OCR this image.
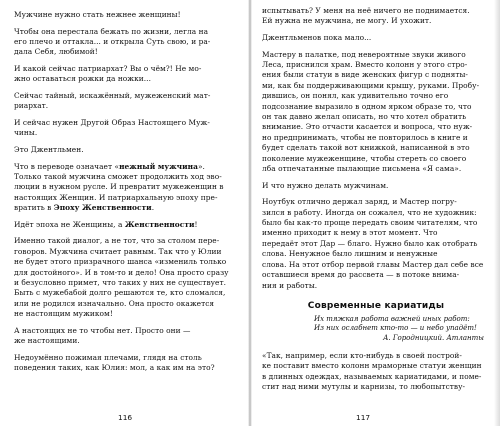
Мужчине нужно стать нежнее женщины!

Чтобы она перестала бежать по жизни, легла на
его плечо и оттакла... и открыла Суть свою, и ра-
дала Себя, любимой!

И какой сейчас патриархат? Вы о чём?! Не мо-
жно оставаться рожки да ножки...

Сейчас тайный, искажённый, мужеженский мат-
риархат.

И сейчас нужен Другой Образ Настоящего Муж-
чины.

Это Джентльмен.

Что в переводе означает «нежный мужчина».
Только такой мужчина сможет продолжить ход эво-
люции в нужном русле. И превратит мужеженщин в
настоящих Женщин. И патриархальную эпоху пре-
вратить в Эпоху Женственности.

Идёт эпоха не Женщины, а Женственности!

Именно такой диалог, а не тот, что за столом пере-
говоров. Мужчина считает равным. Так что у Юлии
не будет этого призрачного шанса «измениль только
для достойного». И в том-то и дело! Она просто сразу
и безусловно примет, что таких у них не существует.
Быть с мужебабой долго решаются те, кто сломался,
или не родился изначально. Она просто окажется
не настоящим мужиком!

А настоящих не то чтобы нет. Просто они —
же настоящими.

Недоумённо пожимая плечами, глядя на столь
поведения таких, как Юлия: мол, а как им на это?

116

испытывать? У меня на неё ничего не поднимается.
Ей нужна не мужчина, не могу. И ухожит.

Джентльменов пока мало...

Мастеру в палатке, под невероятные звуки живого
Леса, приснился храм. Вместо колонн у этого стро-
ения были статуи в виде женских фигур с подняты-
ми, как бы поддерживающими крышу, руками. Пробу-
дившись, он понял, как удивительно точно его
подсознание выразило в одном ярком образе то, что
он так давно желал описать, но что хотел обратить
внимание. Это отчасти касается и вопроса, что нуж-
но предпринимать, чтобы не повторилось в книге и
будет сделать такой вот книжкой, написанной в это
поколение мужеженщине, чтобы стереть со своего
лба отпечатанные пылающие письмена «Я сама».

И что нужно делать мужчинам.

Ноутбук отлично держал заряд, и Мастер погру-
зился в работу. Иногда он сожалел, что не художник:
было бы как-то проще передать своим читателям, что
именно приходит к нему в этот момент. Что
передаёт этот Дар — благо. Нужно было как отобрать
слова. Ненужное было лишним и ненужные
слова. На этот отбор первой главы Мастер дал себе все
оставшиеся время до рассвета — в потоке внима-
ния и работы.

Современные кариатиды
Их тяжкая работа важней иных работ:
Из них ослабнет кто-то — и небо упадёт!
А. Городницкий. Атланты

«Так, например, если кто-нибудь в своей построй-
ке поставит вместо колонн мраморные статуи женщин
в длинных одеждах, называемых кариатидами, и поме-
стит над ними мутулы и карнизы, то любопытству-

117
